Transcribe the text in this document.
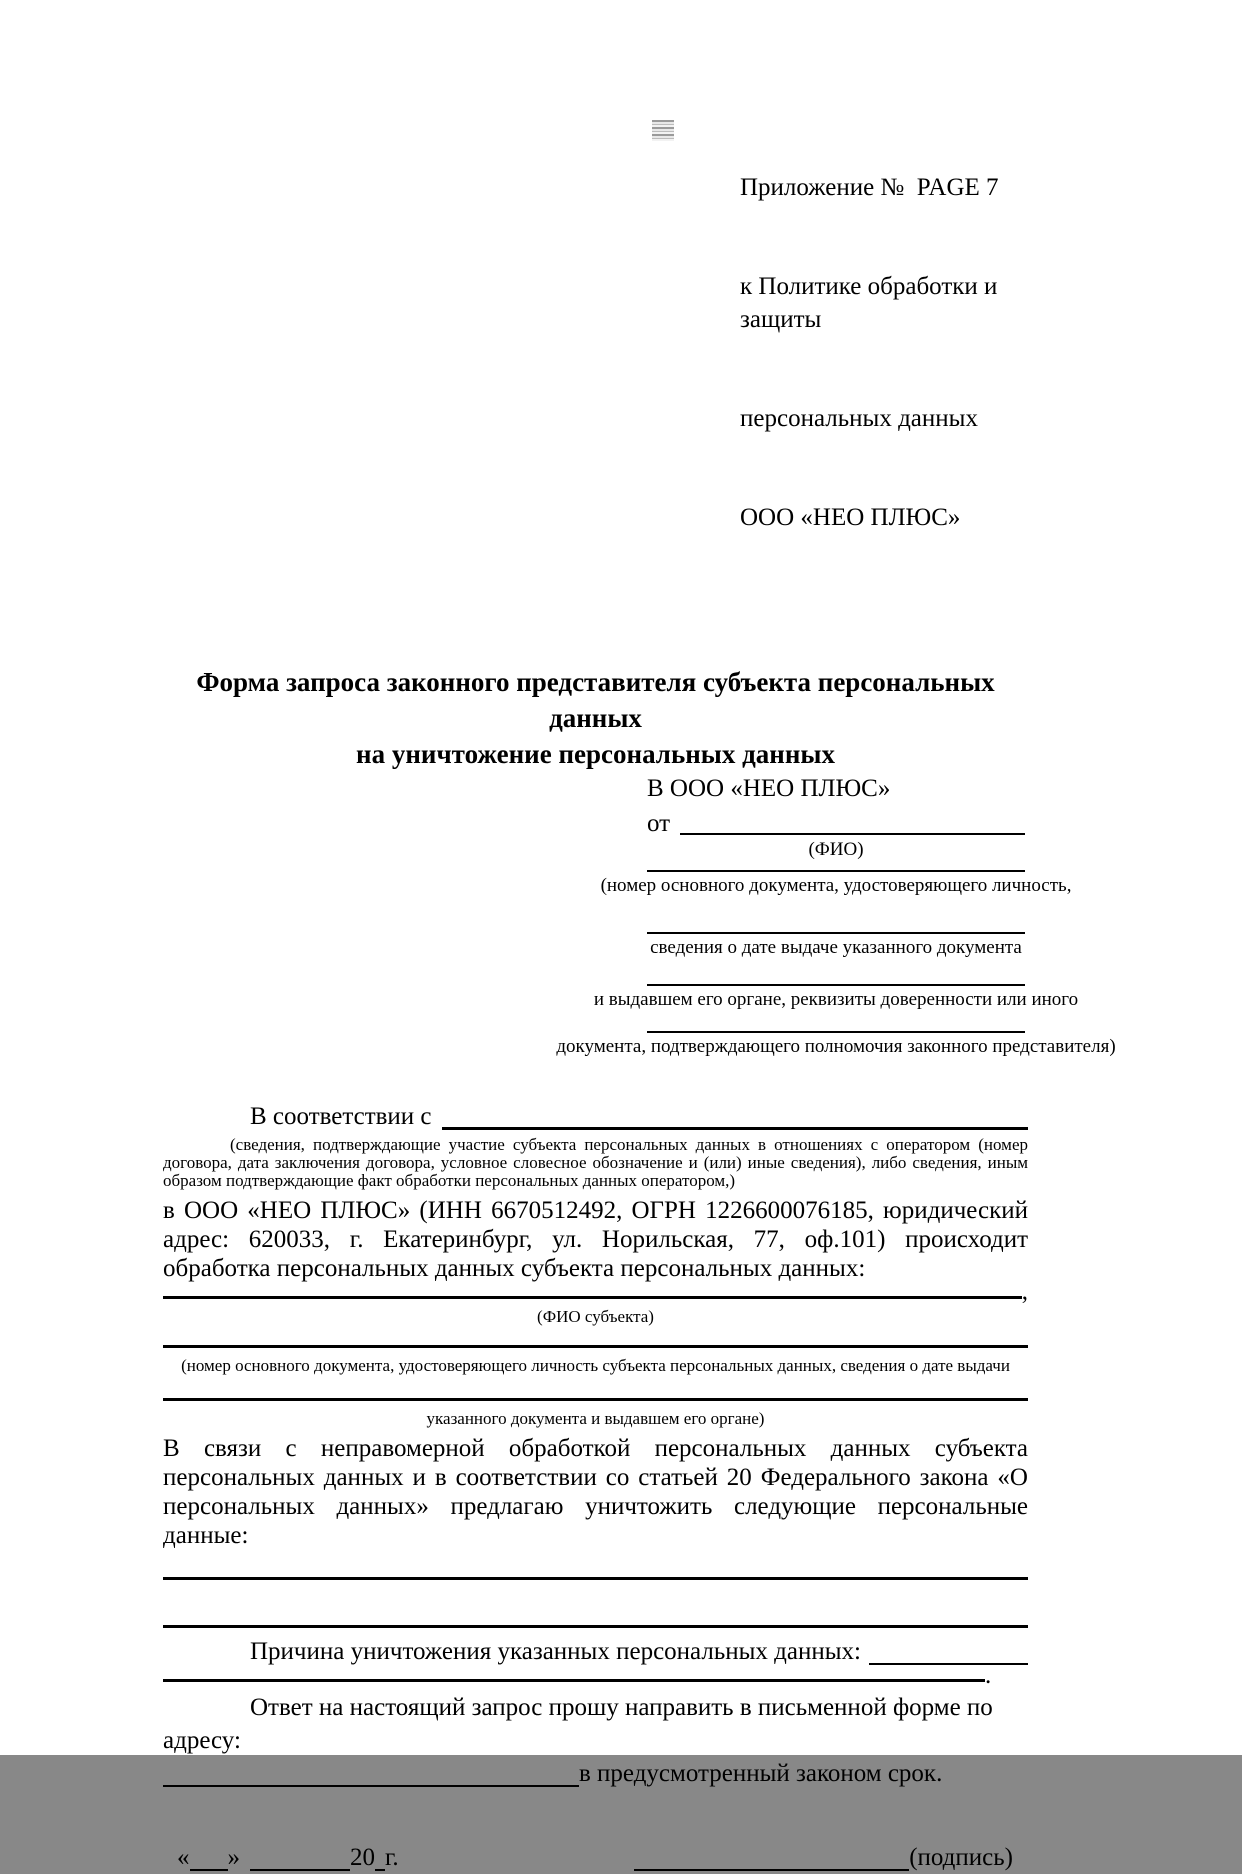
Приложение №  PAGE 7

к Политике обработки и защиты

персональных данных

ООО «НЕО ПЛЮС»

Форма запроса законного представителя субъекта персональных данных
на уничтожение персональных данных
В ООО «НЕО ПЛЮС»
от
(ФИО)
(номер основного документа, удостоверяющего личность,
сведения о дате выдаче указанного документа
и выдавшем его органе, реквизиты доверенности или иного
документа, подтверждающего полномочия законного представителя)
В соответствии с
(сведения, подтверждающие участие субъекта персональных данных в отношениях с оператором (номер договора, дата заключения договора, условное словесное обозначение и (или) иные сведения), либо сведения, иным образом подтверждающие факт обработки персональных данных оператором,)
в ООО «НЕО ПЛЮС» (ИНН 6670512492, ОГРН 1226600076185, юридический адрес: 620033, г. Екатеринбург, ул. Норильская, 77, оф.101) происходит обработка персональных данных субъекта персональных данных:
,
(ФИО субъекта)
(номер основного документа, удостоверяющего личность субъекта персональных данных, сведения о дате выдачи
указанного документа и выдавшем его органе)
В связи с неправомерной обработкой персональных данных субъекта персональных данных и в соответствии со статьей 20 Федерального закона «О персональных данных» предлагаю уничтожить следующие персональные данные:
Причина уничтожения указанных персональных данных:
.
Ответ на настоящий запрос прошу направить в письменной форме по адресу:
в предусмотренный законом срок.
« »	20 г.	(подпись)
